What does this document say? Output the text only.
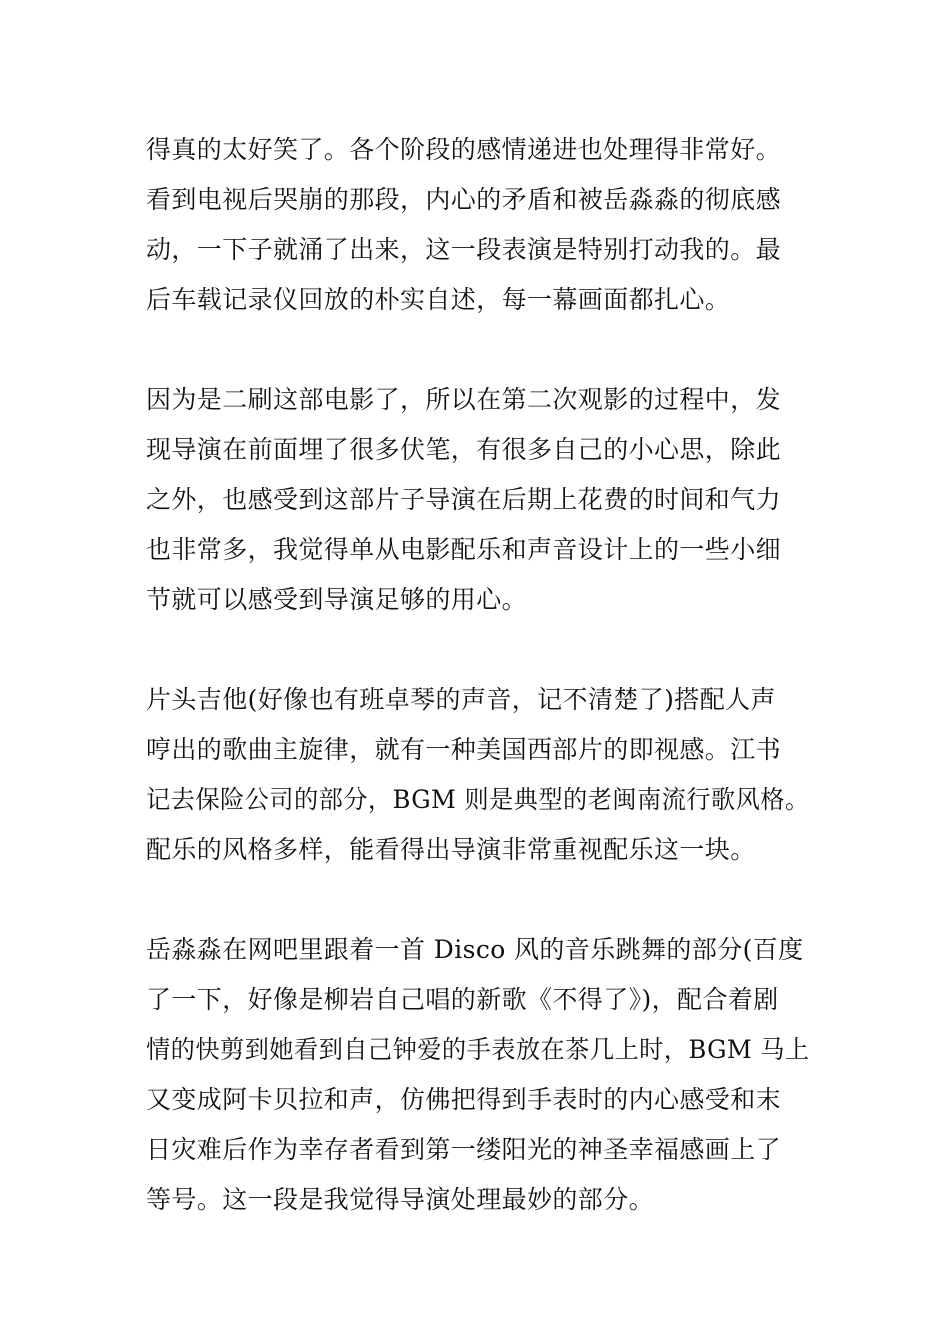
得真的太好笑了。各个阶段的感情递进也处理得非常好。
看到电视后哭崩的那段，内心的矛盾和被岳淼淼的彻底感
动，一下子就涌了出来，这一段表演是特别打动我的。最
后车载记录仪回放的朴实自述，每一幕画面都扎心。
因为是二刷这部电影了，所以在第二次观影的过程中，发
现导演在前面埋了很多伏笔，有很多自己的小心思，除此
之外，也感受到这部片子导演在后期上花费的时间和气力
也非常多，我觉得单从电影配乐和声音设计上的一些小细
节就可以感受到导演足够的用心。
片头吉他(好像也有班卓琴的声音，记不清楚了)搭配人声
哼出的歌曲主旋律，就有一种美国西部片的即视感。江书
记去保险公司的部分，BGM 则是典型的老闽南流行歌风格。
配乐的风格多样，能看得出导演非常重视配乐这一块。
岳淼淼在网吧里跟着一首 Disco 风的音乐跳舞的部分(百度
了一下，好像是柳岩自己唱的新歌《不得了》)，配合着剧
情的快剪到她看到自己钟爱的手表放在茶几上时，BGM 马上
又变成阿卡贝拉和声，仿佛把得到手表时的内心感受和末
日灾难后作为幸存者看到第一缕阳光的神圣幸福感画上了
等号。这一段是我觉得导演处理最妙的部分。
